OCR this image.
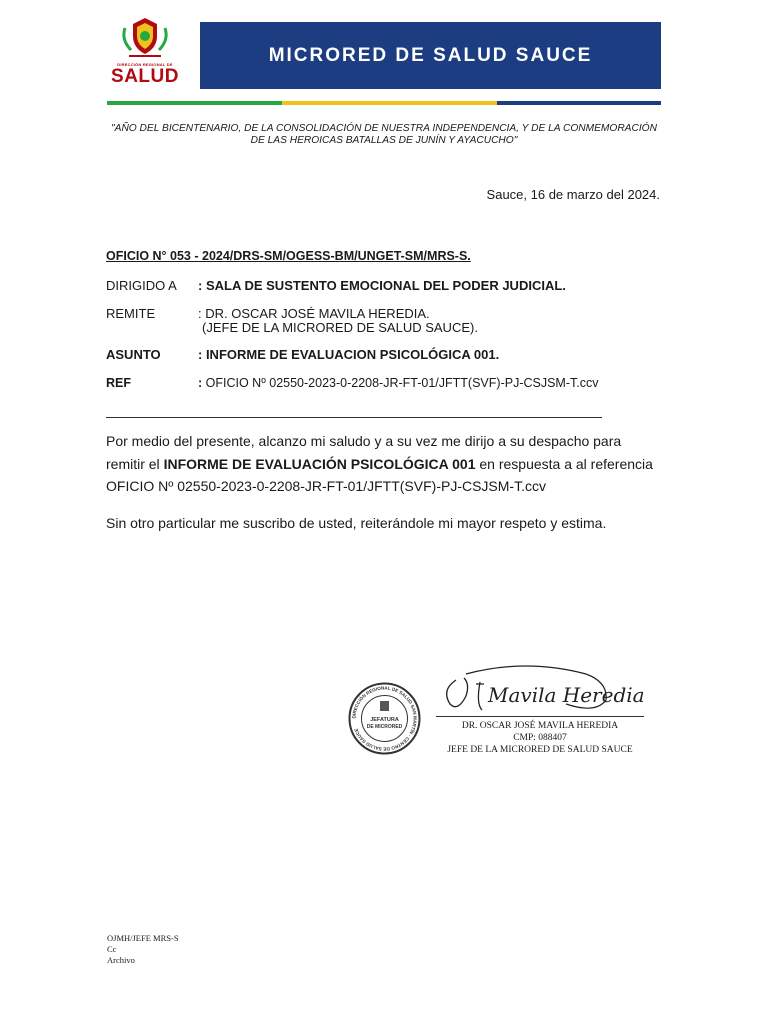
DIRECCIÓN REGIONAL DE
SALUD
MICRORED DE SALUD SAUCE
"AÑO DEL BICENTENARIO, DE LA CONSOLIDACIÓN DE NUESTRA INDEPENDENCIA, Y DE LA CONMEMORACIÓN DE LAS HEROICAS BATALLAS DE JUNÍN Y AYACUCHO"
Sauce, 16 de marzo del 2024.
OFICIO N° 053 - 2024/DRS-SM/OGESS-BM/UNGET-SM/MRS-S.
DIRIGIDO A : SALA DE SUSTENTO EMOCIONAL DEL PODER JUDICIAL.
REMITE	: DR. OSCAR JOSÉ MAVILA HEREDIA.
(JEFE DE LA MICRORED DE SALUD SAUCE).
ASUNTO	: INFORME DE EVALUACION PSICOLÓGICA 001.
REF	: OFICIO Nº 02550-2023-0-2208-JR-FT-01/JFTT(SVF)-PJ-CSJSM-T.ccv
Por medio del presente, alcanzo mi saludo y a su vez me dirijo a su despacho para remitir el INFORME DE EVALUACIÓN PSICOLÓGICA 001 en respuesta a al referencia OFICIO Nº 02550-2023-0-2208-JR-FT-01/JFTT(SVF)-PJ-CSJSM-T.ccv
Sin otro particular me suscribo de usted, reiterándole mi mayor respeto y estima.
DIRECCIÓN REGIONAL DE SALUD SAN MARTÍN · CENTRO DE SALUD SAUCE
JEFATURA
DE MICRORED
Mavila Heredia
DR. OSCAR JOSÉ MAVILA HEREDIA
CMP: 088407
JEFE DE LA MICRORED DE SALUD SAUCE
OJMH/JEFE MRS-S
Cc
Archivo
